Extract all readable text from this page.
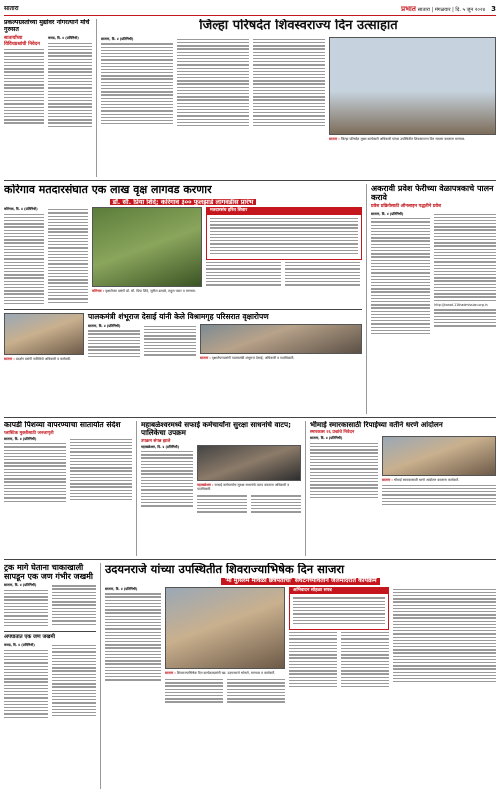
सातारा	प्रभात सातारा | मंगळवार | दि. ५ जून २०२४ 3
प्रकल्पग्रस्तांच्या मुद्यांवर नांगरत्याने मोर्चे गुरुसत
सातार्यांच्या विविधप्रश्नांची निवेदन
कराड, दि. ४ (प्रतिनिधी)
जिल्हा परिषदेत शिवस्वराज्य दिन उत्साहात
सातारा, दि. ४ (प्रतिनिधी)
सातारा : जिल्हा परिषदेत मुख्य कार्यकारी अधिकारी यांच्या उपस्थितीत शिवस्वराज्य दिन साजरा करताना मान्यवर.
कोरेगाव मतदारसंघात एक लाख वृक्ष लागवड करणार
डॉ. सौ. प्रिया शिंदे; कोरेगाव ३०० फुलझाडे लागवडीस प्रारंभ
कोरेगाव, दि. ४ (प्रतिनिधी)
कोरेगाव : वृक्षारोपण प्रसंगी डॉ. सौ. प्रिया शिंदे, सुनील ढमाळे, राहुल पवार व मान्यवर.
मतदारसंघ हरित शिवार
सातारा : प्रदर्शन प्रसंगी पालिकेचे अधिकारी व कर्मचारी.
पालकमंत्री शंभूराज देसाई यांनी केले विश्रामगृह परिसरात वृक्षारोपण
सातारा, दि. ४ (प्रतिनिधी)
सातारा : वृक्षारोपणप्रसंगी पालकमंत्री शंभूराज देसाई, अधिकारी व पदाधिकारी.
अकरावी प्रवेश फेरीच्या वेळापत्रकाचे पालन करावे
प्रवेश प्रक्रियेसाठी ऑनलाइन पद्धतीने प्रवेश
सातारा, दि. ४ (प्रतिनिधी)
http://karad.11thadmission.org.in
कापडी पिशव्या वापरण्याचा सातार्यात संदेश
प्लास्टिक मुक्तीसाठी जनजागृती
सातारा, दि. ४ (प्रतिनिधी)
महाबळेश्वरमध्ये सफाई कर्मचार्यांना सुरक्षा साधनांचे वाटप; पालिकेचा उपक्रम
उपक्रम संपन्न झाले
महाबळेश्वर, दि. ४ (प्रतिनिधी)
महाबळेश्वर : सफाई कर्मचार्यांना सुरक्षा साधनांचे वाटप करताना अधिकारी व पदाधिकारी.
भीमाई स्मारकासाठी रिपाईच्या वतीने धरणे आंदोलन
स्मारकास २६ प्रश्नांचे निवेदन
सातारा, दि. ४ (प्रतिनिधी)
सातारा : भीमाई स्मारकासाठी धरणे आंदोलन करताना कार्यकर्ते.
ट्रक मागे घेताना चाकाखाली सापडून एक जण गंभीर जखमी
सातारा, दि. ४ (प्रतिनिधी)
अपघातात एक जण जखमी
कराड, दि. ४ (प्रतिनिधी)
उदयनराजे यांच्या उपस्थितीत शिवराज्याभिषेक दिन साजरा
'मी मुस्लिम मावळा छत्रपतींचा' संघटनेच्यावतीने जलमंदिरात कार्यक्रम
सातारा, दि. ४ (प्रतिनिधी)
सातारा : शिवराज्याभिषेक दिन कार्यक्रमप्रसंगी खा. उदयनराजे भोसले, मान्यवर व कार्यकर्ते.
अभिवादन सोहळा सपन्न
